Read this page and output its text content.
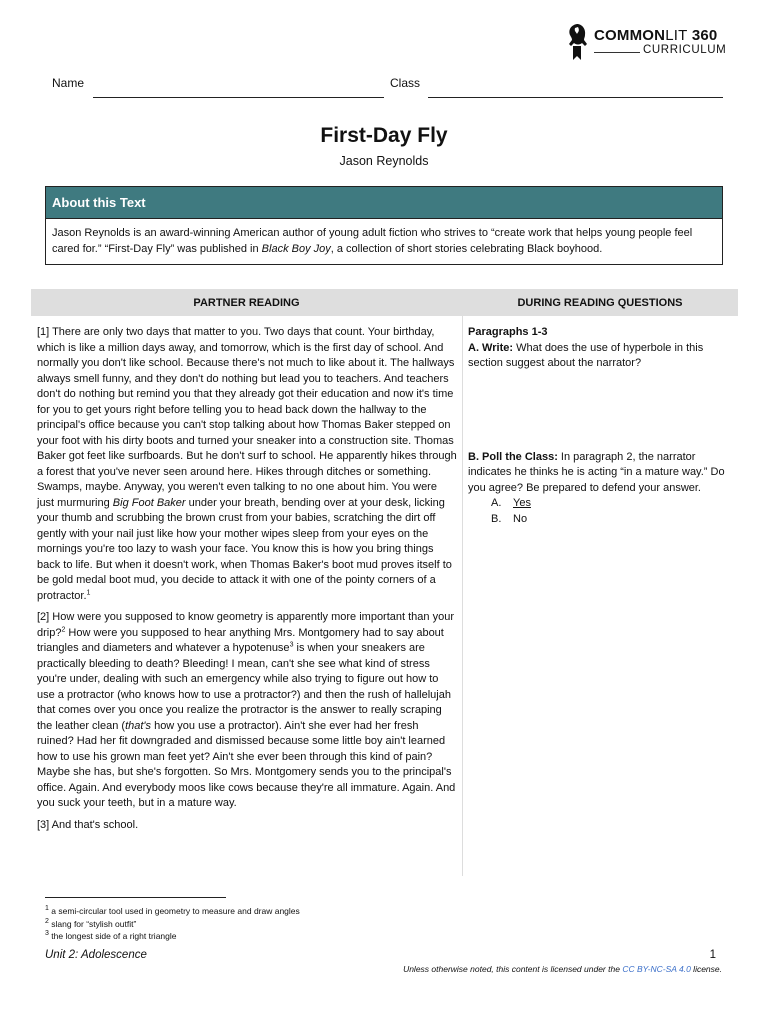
COMMONLIT 360
CURRICULUM
Name	Class
First-Day Fly
Jason Reynolds
About this Text
Jason Reynolds is an award-winning American author of young adult fiction who strives to “create work that helps young people feel cared for.” “First-Day Fly” was published in Black Boy Joy, a collection of short stories celebrating Black boyhood.
PARTNER READING	DURING READING QUESTIONS

[1] There are only two days that matter to you. Two days that count. Your birthday, which is like a million days away, and tomorrow, which is the first day of school. And normally you don't like school. Because there's not much to like about it. The hallways always smell funny, and they don't do nothing but lead you to teachers. And teachers don't do nothing but remind you that they already got their education and now it's time for you to get yours right before telling you to head back down the hallway to the principal's office because you can't stop talking about how Thomas Baker stepped on your foot with his dirty boots and turned your sneaker into a construction site. Thomas Baker got feet like surfboards. But he don't surf to school. He apparently hikes through a forest that you've never seen around here. Hikes through ditches or something. Swamps, maybe. Anyway, you weren't even talking to no one about him. You were just murmuring Big Foot Baker under your breath, bending over at your desk, licking your thumb and scrubbing the brown crust from your babies, scratching the dirt off gently with your nail just like how your mother wipes sleep from your eyes on the mornings you're too lazy to wash your face. You know this is how you bring things back to life. But when it doesn't work, when Thomas Baker's boot mud proves itself to be gold medal boot mud, you decide to attack it with one of the pointy corners of a protractor.$^1$

[2] How were you supposed to know geometry is apparently more important than your drip?$^2$ How were you supposed to hear anything Mrs. Montgomery had to say about triangles and diameters and whatever a hypotenuse$^3$ is when your sneakers are practically bleeding to death? Bleeding! I mean, can't she see what kind of stress you're under, dealing with such an emergency while also trying to figure out how to use a protractor (who knows how to use a protractor?) and then the rush of hallelujah that comes over you once you realize the protractor is the answer to really scraping the leather clean (that's how you use a protractor). Ain't she ever had her fresh ruined? Had her fit downgraded and dismissed because some little boy ain't learned how to use his grown man feet yet? Ain't she ever been through this kind of pain? Maybe she has, but she's forgotten. So Mrs. Montgomery sends you to the principal's office. Again. And everybody moos like cows because they're all immature. Again. And you suck your teeth, but in a mature way.

[3] And that's school.

Paragraphs 1-3
A. Write: What does the use of hyperbole in this section suggest about the narrator?
B. Poll the Class: In paragraph 2, the narrator indicates he thinks he is acting “in a mature way.” Do you agree? Be prepared to defend your answer.
A. Yes
B. No
$^1$ a semi-circular tool used in geometry to measure and draw angles
$^2$ slang for “stylish outfit”
$^3$ the longest side of a right triangle
Unit 2: Adolescence	1
Unless otherwise noted, this content is licensed under the CC BY-NC-SA 4.0 license.
